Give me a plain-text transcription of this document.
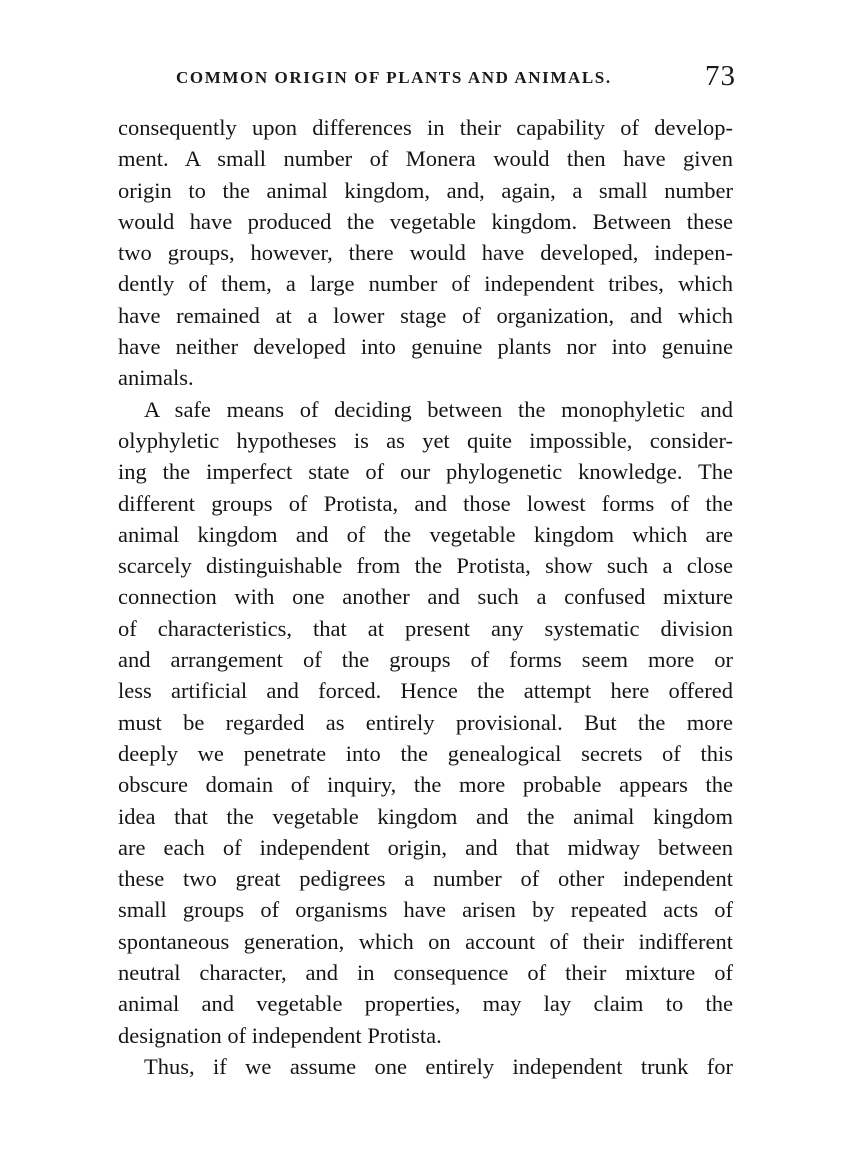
COMMON ORIGIN OF PLANTS AND ANIMALS.	73
consequently upon differences in their capability of develop-
ment. A small number of Monera would then have given
origin to the animal kingdom, and, again, a small number
would have produced the vegetable kingdom. Between these
two groups, however, there would have developed, indepen-
dently of them, a large number of independent tribes, which
have remained at a lower stage of organization, and which
have neither developed into genuine plants nor into genuine
animals.
A safe means of deciding between the monophyletic and
olyphyletic hypotheses is as yet quite impossible, consider-
ing the imperfect state of our phylogenetic knowledge. The
different groups of Protista, and those lowest forms of the
animal kingdom and of the vegetable kingdom which are
scarcely distinguishable from the Protista, show such a close
connection with one another and such a confused mixture
of characteristics, that at present any systematic division
and arrangement of the groups of forms seem more or
less artificial and forced. Hence the attempt here offered
must be regarded as entirely provisional. But the more
deeply we penetrate into the genealogical secrets of this
obscure domain of inquiry, the more probable appears the
idea that the vegetable kingdom and the animal kingdom
are each of independent origin, and that midway between
these two great pedigrees a number of other independent
small groups of organisms have arisen by repeated acts of
spontaneous generation, which on account of their indifferent
neutral character, and in consequence of their mixture of
animal and vegetable properties, may lay claim to the
designation of independent Protista.
Thus, if we assume one entirely independent trunk for
